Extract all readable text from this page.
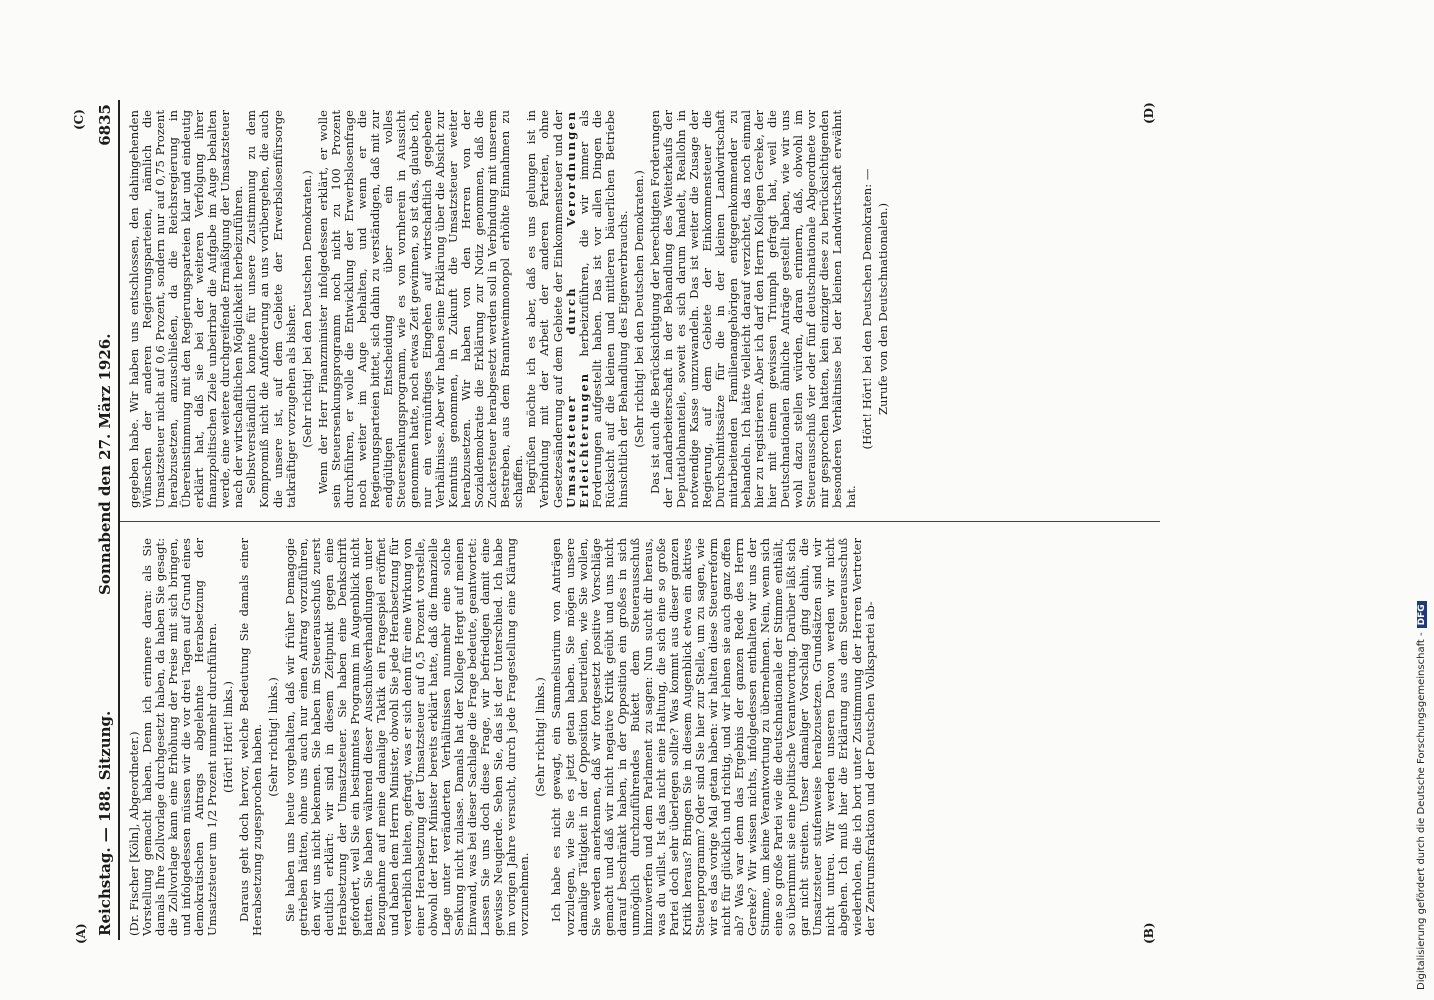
Reichstag. — 188. Sitzung.
Sonnabend den 27. März 1926.
6835
(A)
(C)

(Dr. Fischer [Köln], Abgeordneter.) Vorstellung gemacht haben. Denn ich erinnere daran: als Sie damals Ihre Zollvorlage durchgesetzt haben, da haben Sie gesagt: die Zollvorlage kann eine Erhöhung der Preise mit sich bringen, und infolgedessen müssen wir die vor drei Tagen auf Grund eines demokratischen Antrags abgelehnte Herabsetzung der Umsatzsteuer um 1/2 Prozent nunmehr durchführen. (Hört! Hört! links.) Daraus geht doch hervor, welche Bedeutung Sie damals einer Herabsetzung zugesprochen haben. (Sehr richtig! links.) Sie haben uns heute vorgehalten, daß wir früher Demagogie getrieben hätten, ohne uns auch nur einen Antrag vorzuführen, den wir uns nicht bekennen. Sie haben im Steuerausschuß zuerst deutlich erklärt: wir sind in diesem Zeitpunkt gegen eine Herabsetzung der Umsatzsteuer. Sie haben eine Denkschrift gefordert, weil Sie ein bestimmtes Programm im Augenblick nicht hatten. Sie haben während dieser Ausschußverhandlungen unter Bezugnahme auf meine damalige Taktik ein Fragespiel eröffnet und haben dem Herrn Minister, obwohl Sie jede Herabsetzung für verderblich hielten, gefragt, was er sich denn für eine Wirkung von einer Herabsetzung der Umsatzsteuer auf 0,5 Prozent vorstelle, obwohl der Herr Minister bereits erklärt hatte, daß die finanzielle Lage unter veränderten Verhältnissen nunmehr eine solche Senkung nicht zulasse. Damals hat der Kollege Hergt auf meinen Einwand, was bei dieser Sachlage die Frage bedeute, geantwortet: Lassen Sie uns doch diese Frage, wir befriedigen damit eine gewisse Neugierde. Sehen Sie, das ist der Unterschied. Ich habe im vorigen Jahre versucht, durch jede Fragestellung eine Klärung vorzunehmen.

(Sehr richtig! links.) Ich habe es nicht gewagt, ein Sammelsurium von Anträgen vorzulegen, wie Sie es jetzt getan haben. Sie mögen unsere damalige Tätigkeit in der Opposition beurteilen, wie Sie wollen, Sie werden anerkennen, daß wir fortgesetzt positive Vorschläge gemacht und daß wir nicht negative Kritik geübt und uns nicht darauf beschränkt haben, in der Opposition ein großes in sich unmöglich durchzuführendes Bukett dem Steuerausschuß hinzuwerfen und dem Parlament zu sagen: Nun sucht dir heraus, was du willst. Ist das nicht eine Haltung, die sich eine so große Partei doch sehr überlegen sollte? Was kommt aus dieser ganzen Kritik heraus? Bringen Sie in diesem Augenblick etwa ein aktives Steuerprogramm? Oder sind Sie hier zur Stelle, um zu sagen, wie wir es das vorige Mal getan haben: wir halten diese Steuerreform nicht für glücklich und richtig, und wir lehnen sie auch ganz offen ab? Was war denn das Ergebnis der ganzen Rede des Herrn Gereke? Wir wissen nichts, infolgedessen enthalten wir uns der Stimme, um keine Verantwortung zu übernehmen. Nein, wenn sich eine so große Partei wie die deutschnationale der Stimme enthält, so übernimmt sie eine politische Verantwortung. Darüber läßt sich gar nicht streiten. Unser damaliger Vorschlag ging dahin, die Umsatzsteuer stufenweise herabzusetzen. Grundsätzen sind wir nicht untreu. Wir werden unseren Davon werden wir nicht abgehen. Ich muß hier die Erklärung aus dem Steuerausschuß wiederholen, die ich bort unter Zustimmung der Herren Vertreter der Zentrumsfraktion und der Deutschen Volkspartei ab-

gegeben habe. Wir haben uns entschlossen, den dahingehenden Wünschen der anderen Regierungsparteien, nämlich die Umsatzsteuer nicht auf 0,6 Prozent, sondern nur auf 0,75 Prozent herabzusetzen, anzuschließen, da die Reichsregierung in Übereinstimmung mit den Regierungsparteien klar und eindeutig erklärt hat, daß sie bei der weiteren Verfolgung ihrer finanzpolitischen Ziele unbeirrbar die Aufgabe im Auge behalten werde, eine weitere durchgreifende Ermäßigung der Umsatzsteuer nach der wirtschaftlichen Möglichkeit herbeizuführen. Selbstverständlich konnte für unsere Zustimmung zu dem Kompromiß nicht die Anforderung an uns vorübergehen, die auch die unsere ist, auf dem Gebiete der Erwerbslosenfürsorge tatkräftiger vorzugehen als bisher. (Sehr richtig! bei den Deutschen Demokraten.) Wenn der Herr Finanzminister infolgedessen erklärt, er wolle sein Steuersenkungsprogramm noch nicht zu 100 Prozent durchführen, er wolle die Entwicklung der Erwerbslosenfrage noch weiter im Auge behalten, und wenn er die Regierungsparteien bittet, sich dahin zu verständigen, daß mit zur endgültigen Entscheidung über ein volles Steuersenkungsprogramm, wie es von vornherein in Aussicht genommen hatte, noch etwas Zeit gewinnen, so ist das, glaube ich, nur ein vernünftiges Eingehen auf wirtschaftlich gegebene Verhältnisse. Aber wir haben seine Erklärung über die Absicht zur Kenntnis genommen, in Zukunft die Umsatzsteuer weiter herabzusetzen. Wir haben von den Herren von der Sozialdemokratie die Erklärung zur Notiz genommen, daß die Zuckersteuer herabgesetzt werden soll in Verbindung mit unserem Bestreben, aus dem Branntweinmonopol erhöhte Einnahmen zu schaffen. Begrüßen möchte ich es aber, daß es uns gelungen ist in Verbindung mit der Arbeit der anderen Parteien, ohne Gesetzesänderung auf dem Gebiete der Einkommensteuer und der Umsatzsteuer durch Verordnungen Erleichterungen herbeizuführen, die wir immer als Forderungen aufgestellt haben. Das ist vor allen Dingen die Rücksicht auf die kleinen und mittleren bäuerlichen Betriebe hinsichtlich der Behandlung des Eigenverbrauchs. (Sehr richtig! bei den Deutschen Demokraten.) Das ist auch die Berücksichtigung der berechtigten Forderungen der Landarbeiterschaft in der Behandlung des Weiterkaufs der Deputatlohnanteile, soweit es sich darum handelt, Reallohn in notwendige Kasse umzuwandeln. Das ist weiter die Zusage der Regierung, auf dem Gebiete der Einkommensteuer die Durchschnittssätze für die in der kleinen Landwirtschaft mitarbeitenden Familienangehörigen entgegenkommender zu behandeln. Ich hätte vielleicht darauf verzichtet, das noch einmal hier zu registrieren. Aber ich darf den Herrn Kollegen Gereke, der hier mit einem gewissen Triumph gefragt hat, weil die Deutschnationalen ähnliche Anträge gestellt haben, wie wir uns wohl dazu stellen würden, daran erinnern, daß, obwohl im Steuerausschuß vier oder fünf deutschnationale Abgeordnete vor mir gesprochen hatten, kein einziger diese zu berücksichtigenden besonderen Verhältnisse bei der kleinen Landwirtschaft erwähnt hat.

(Hört! Hört! bei den Deutschen Demokraten: — Zurufe von den Deutschnationalen.)

(B)
(D)
Digitalisierung gefördert durch die Deutsche Forschungsgemeinschaft -DFG
